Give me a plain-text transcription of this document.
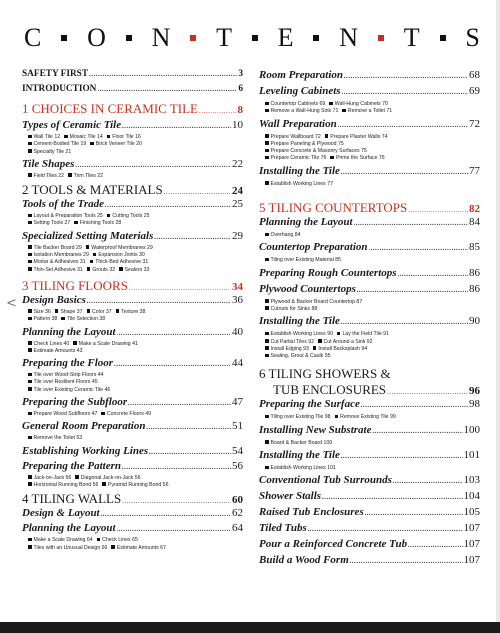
C O N T E N T S
<
SAFETY FIRST .....	3
INTRODUCTION .....	6
1 CHOICES IN CERAMIC TILE .....	8
Types of Ceramic Tile .....	10
Wall Tile 12 Mosaic Tile 14 Floor Tile 16
Cement-Bodied Tile 19 Brick Veneer Tile 20
Specialty Tile 21
Tile Shapes .....	22
Field Tiles 22 Trim Tiles 22
2 TOOLS & MATERIALS .....	24
Tools of the Trade .....	25
Layout & Preparation Tools 25 Cutting Tools 25
Setting Tools 27 Finishing Tools 28
Specialized Setting Materials .....	29
Tile Backer Board 29 Waterproof Membranes 29
Isolation Membranes 29 Expansion Joints 30
Mortar & Adhesives 31 Thick-Bed Adhesive 31
Thin-Set Adhesive 31 Grouts 32 Sealers 33
3 TILING FLOORS .....	34
Design Basics .....	36
Size 36 Shape 37 Color 37 Texture 38
Pattern 38 Tile Selection 38
Planning the Layout .....	40
Check Lines 40 Make a Scale Drawing 41
Estimate Amounts 43
Preparing the Floor .....	44
Tile over Wood-Strip Floors 44
Tile over Resilient Floors 45
Tile over Existing Ceramic Tile 46
Preparing the Subfloor .....	47
Prepare Wood Subfloors 47 Concrete Floors 49
General Room Preparation .....	51
Remove the Toilet 53
Establishing Working Lines .....	54
Preparing the Pattern .....	56
Jack-on-Jack 56 Diagonal Jack-on-Jack 56
Horizontal Running Bond 56 Pyramid Running Bond 56
4 TILING WALLS .....	60
Design & Layout .....	62
Planning the Layout .....	64
Make a Scale Drawing 64 Check Lines 65
Tiles with an Unusual Design 66 Estimate Amounts 67
Room Preparation .....	68
Leveling Cabinets .....	69
Countertop Cabinets 69 Wall-Hung Cabinets 70
Remove a Wall-Hung Sink 71 Remove a Toilet 71
Wall Preparation .....	72
Prepare Wallboard 72 Prepare Plaster Walls 74
Prepare Paneling & Plywood 75
Prepare Concrete & Masonry Surfaces 75
Prepare Ceramic Tile 76 Prime the Surface 76
Installing the Tile .....	77
Establish Working Lines 77
5 TILING COUNTERTOPS .....	82
Planning the Layout .....	84
Overhang 84
Countertop Preparation .....	85
Tiling over Existing Material 85
Preparing Rough Countertops .....	86
Plywood Countertops .....	86
Plywood & Backer Board Countertop 87
Cutouts for Sinks 88
Installing the Tile .....	90
Establish Working Lines 90 Lay the Field Tile 91
Cut Partial Tiles 92 Cut Around a Sink 92
Install Edging 93 Install Backsplash 94
Sealing, Grout & Caulk 95
6 TILING SHOWERS &
TUB ENCLOSURES .....	96
Preparing the Surface .....	98
Tiling over Existing Tile 98 Remove Existing Tile 99
Installing New Substrate .....	100
Board & Backer Board 100
Installing the Tile .....	101
Establish Working Lines 101
Conventional Tub Surrounds .....	103
Shower Stalls .....	104
Raised Tub Enclosures .....	105
Tiled Tubs .....	107
Pour a Reinforced Concrete Tub .....	107
Build a Wood Form .....	107
